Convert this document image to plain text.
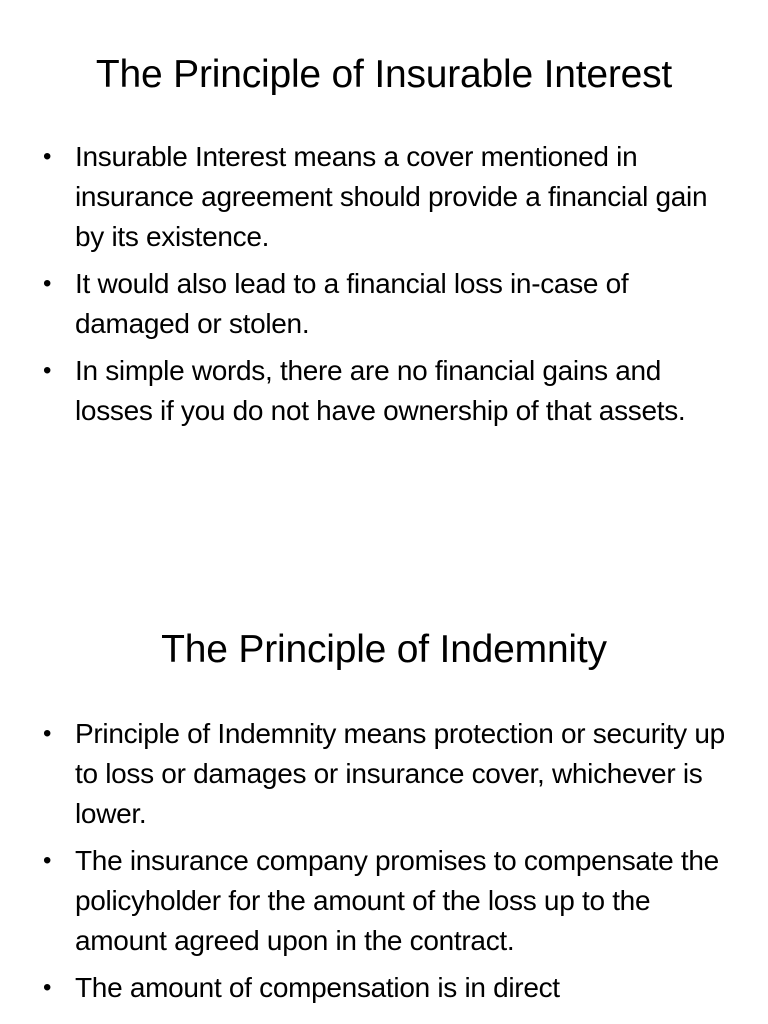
The Principle of Insurable Interest
• Insurable Interest means a cover mentioned in insurance agreement should provide a financial gain by its existence.
• It would also lead to a financial loss in-case of damaged or stolen.
• In simple words, there are no financial gains and losses if you do not have ownership of that assets.
The Principle of Indemnity
• Principle of Indemnity means protection or security up to loss or damages or insurance cover, whichever is lower.
• The insurance company promises to compensate the policyholder for the amount of the loss up to the amount agreed upon in the contract.
• The amount of compensation is in direct
